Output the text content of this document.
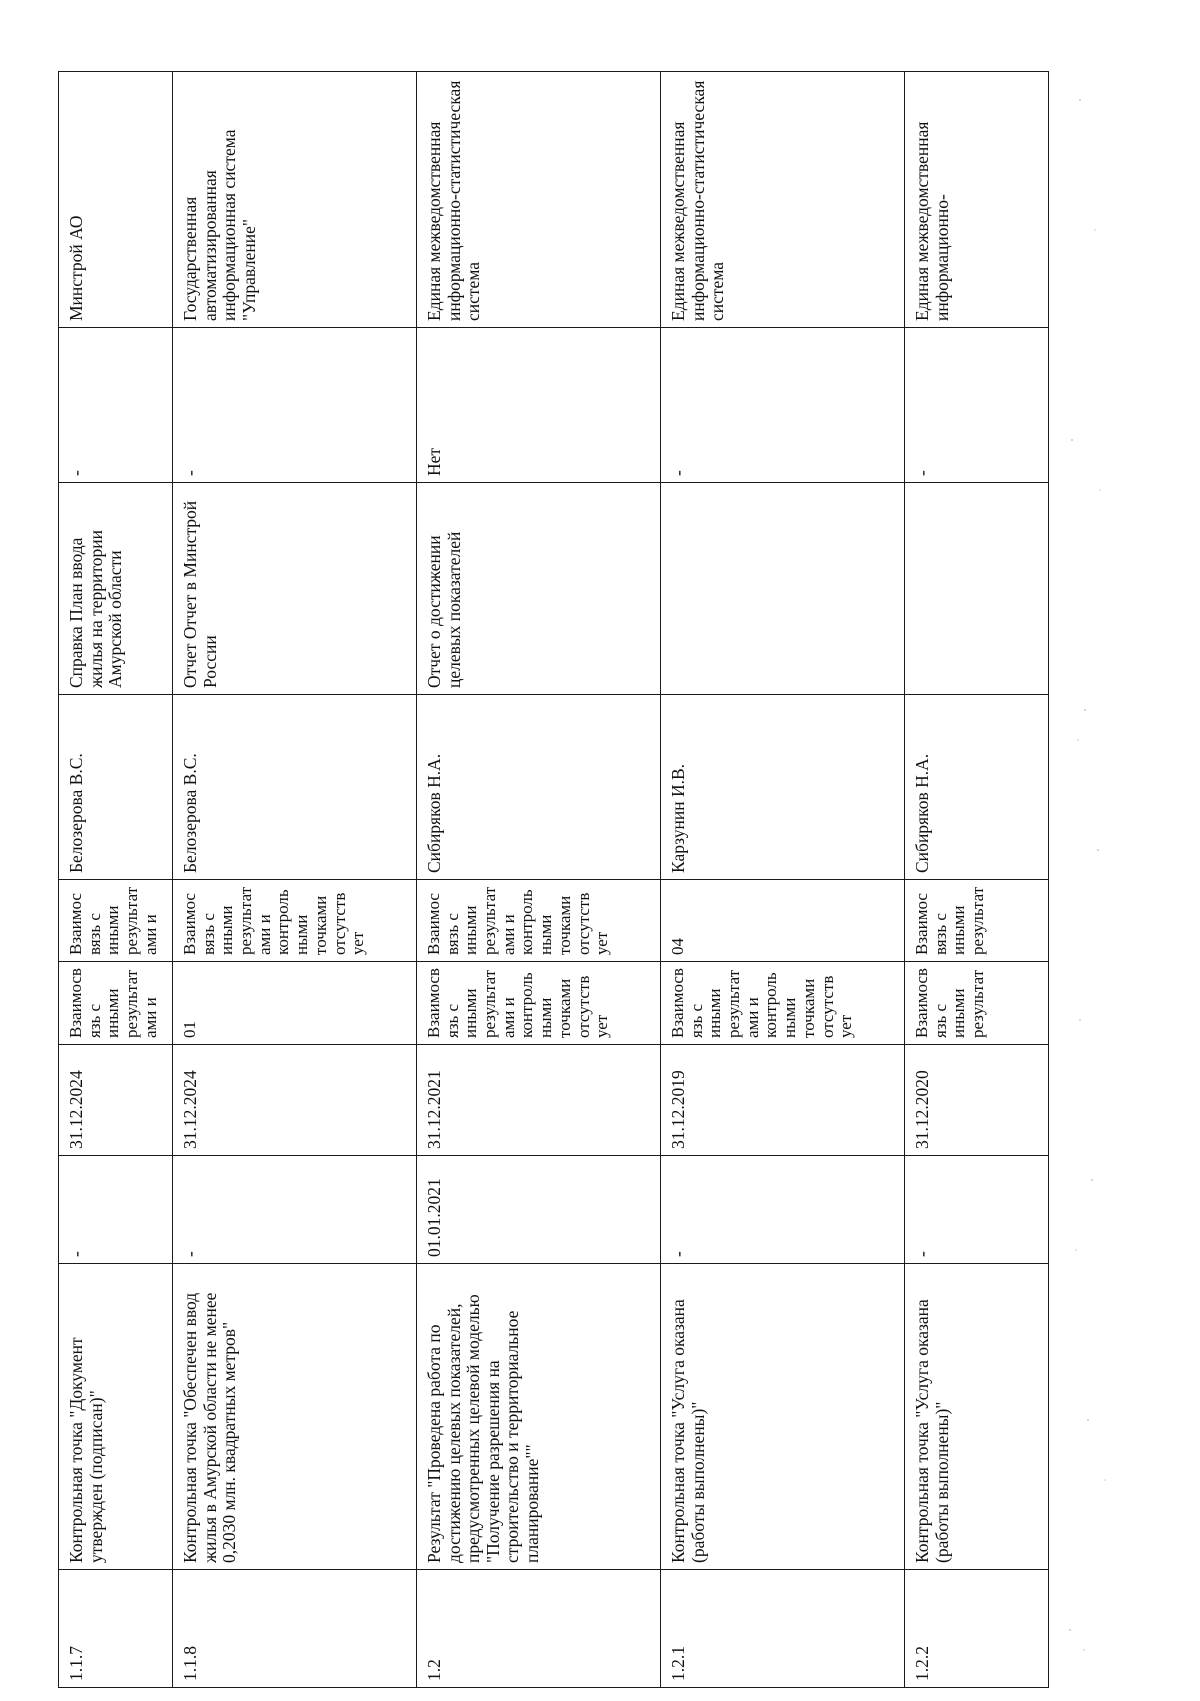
1.1.7	Контрольная точка "Документ утвержден (подписан)"	-	31.12.2024	Взаимосвязь с иными результатами и	Взаимосвязь с иными результатами и	Белозерова В.С.	Справка План ввода жилья на территории Амурской области	-	Минстрой АО
1.1.8	Контрольная точка "Обеспечен ввод жилья в Амурской области не менее 0,2030 млн. квадратных метров"	-	31.12.2024	01	Взаимосвязь с иными результатами и контрольными точками отсутствует	Белозерова В.С.	Отчет Отчет в Минстрой России	-	Государственная автоматизированная информационная система "Управление"
1.2	Результат "Проведена работа по достижению целевых показателей, предусмотренных целевой моделью "Получение разрешения на строительство и территориальное планирование""	01.01.2021	31.12.2021	Взаимосвязь с иными результатами и контрольными точками отсутствует	Взаимосвязь с иными результатами и контрольными точками отсутствует	Сибиряков Н.А.	Отчет о достижении целевых показателей	Нет	Единая межведомственная информационно-статистическая система
1.2.1	Контрольная точка "Услуга оказана (работы выполнены)"	-	31.12.2019	Взаимосвязь с иными результатами и контрольными точками отсутствует	04	Карзунин И.В.		-	Единая межведомственная информационно-статистическая система
1.2.2	Контрольная точка "Услуга оказана (работы выполнены)"	-	31.12.2020	Взаимосвязь с иными результат	Взаимосвязь с иными результат	Сибиряков Н.А.		-	Единая межведомственная информационно-
